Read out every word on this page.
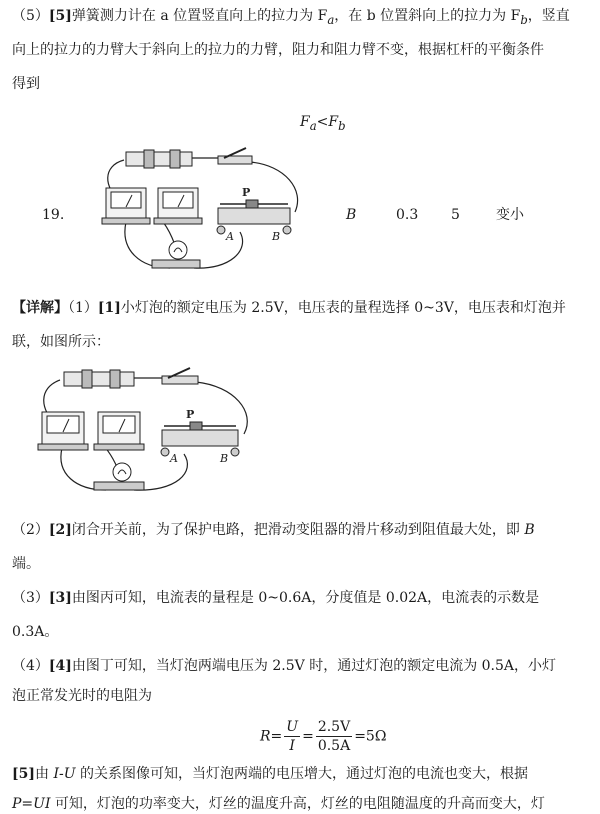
（5）[5]弹簧测力计在 a 位置竖直向上的拉力为 $F_a$，在 b 位置斜向上的拉力为 $F_b$，竖直
向上的拉力的力臂大于斜向上的拉力的力臂，阻力和阻力臂不变，根据杠杆的平衡条件
得到
$F_a<F_b$
19.
P
A	B
B	0.3 5	变小
【详解】（1）[1]小灯泡的额定电压为 2.5V，电压表的量程选择 0~3V，电压表和灯泡并
联，如图所示：
P
A	B
（2）[2]闭合开关前，为了保护电路，把滑动变阻器的滑片移动到阻值最大处，即 B
端。
（3）[3]由图丙可知，电流表的量程是 0~0.6A，分度值是 0.02A，电流表的示数是
0.3A。
（4）[4]由图丁可知，当灯泡两端电压为 2.5V 时，通过灯泡的额定电流为 0.5A，小灯
泡正常发光时的电阻为
$R= \frac{U}{I} = \frac{2.5V}{0.5A} =5\Omega$
[5]由 I-U 的关系图像可知，当灯泡两端的电压增大，通过灯泡的电流也变大，根据
P=UI 可知，灯泡的功率变大，灯丝的温度升高，灯丝的电阻随温度的升高而变大，灯
